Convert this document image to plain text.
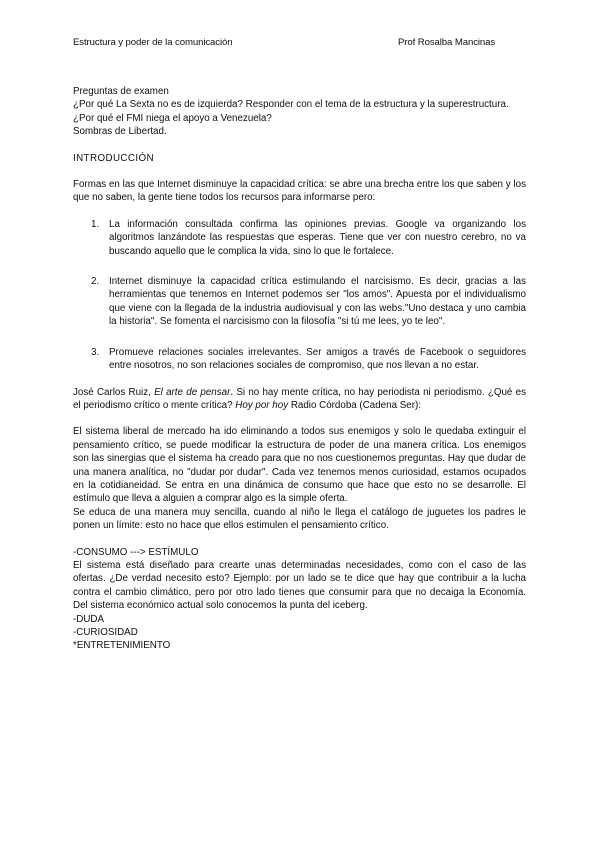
Estructura y poder de la comunicación	Prof Rosalba Mancinas

Preguntas de examen

¿Por qué La Sexta no es de izquierda? Responder con el tema de la estructura y la superestructura.

¿Por qué el FMI niega el apoyo a Venezuela?

Sombras de Libertad.

INTRODUCCIÓN

Formas en las que Internet disminuye la capacidad crítica: se abre una brecha entre los que saben y los que no saben, la gente tiene todos los recursos para informarse pero:

1. La información consultada confirma las opiniones previas. Google va organizando los algoritmos lanzándote las respuestas que esperas. Tiene que ver con nuestro cerebro, no va buscando aquello que le complica la vida, sino lo que le fortalece.
2. Internet disminuye la capacidad crítica estimulando el narcisismo. Es decir, gracias a las herramientas que tenemos en Internet podemos ser "los amos". Apuesta por el individualismo que viene con la llegada de la industria audiovisual y con las webs."Uno destaca y uno cambia la historia". Se fomenta el narcisismo con la filosofía "si tú me lees, yo te leo".
3. Promueve relaciones sociales irrelevantes. Ser amigos a través de Facebook o seguidores entre nosotros, no son relaciones sociales de compromiso, que nos llevan a no estar.

José Carlos Ruiz, El arte de pensar. Si no hay mente crítica, no hay periodista ni periodismo. ¿Qué es el periodismo crítico o mente crítica? Hoy por hoy Radio Córdoba (Cadena Ser):

El sistema liberal de mercado ha ido eliminando a todos sus enemigos y solo le quedaba extinguir el pensamiento crítico, se puede modificar la estructura de poder de una manera crítica. Los enemigos son las sinergias que el sistema ha creado para que no nos cuestionemos preguntas. Hay que dudar de una manera analítica, no "dudar por dudar". Cada vez tenemos menos curiosidad, estamos ocupados en la cotidianeidad. Se entra en una dinámica de consumo que hace que esto no se desarrolle. El estímulo que lleva a alguien a comprar algo es la simple oferta.

Se educa de una manera muy sencilla, cuando al niño le llega el catálogo de juguetes los padres le ponen un límite: esto no hace que ellos estimulen el pensamiento crítico.

-CONSUMO ---> ESTÍMULO

El sistema está diseñado para crearte unas determinadas necesidades, como con el caso de las ofertas. ¿De verdad necesito esto? Ejemplo: por un lado se te dice que hay que contribuir a la lucha contra el cambio climático, pero por otro lado tienes que consumir para que no decaiga la Economía. Del sistema económico actual solo conocemos la punta del iceberg.

-DUDA

-CURIOSIDAD

*ENTRETENIMIENTO
